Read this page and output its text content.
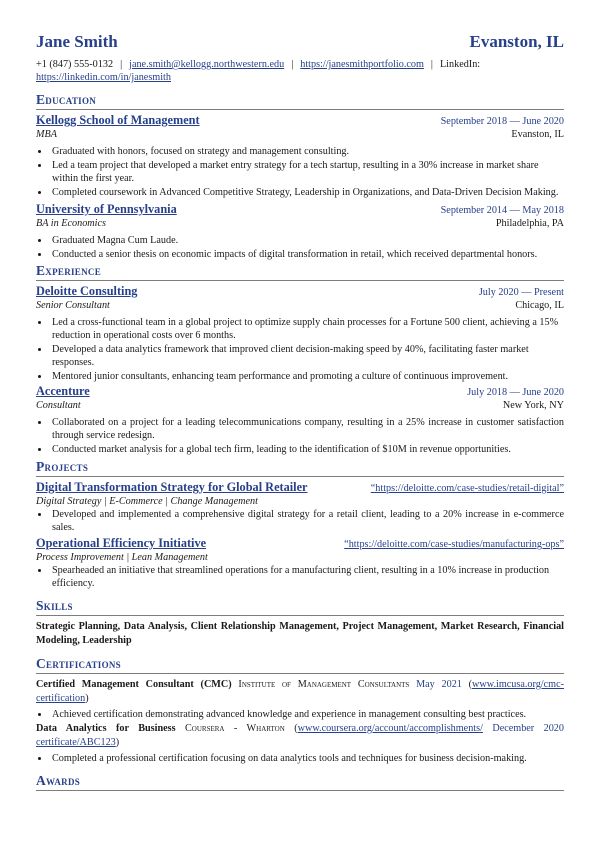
Jane Smith	Evanston, IL
+1 (847) 555-0132 | jane.smith@kellogg.northwestern.edu | https://janesmithportfolio.com | LinkedIn: https://linkedin.com/in/janesmith
Education
Kellogg School of Management	September 2018 — June 2020
MBA	Evanston, IL
• Graduated with honors, focused on strategy and management consulting.
• Led a team project that developed a market entry strategy for a tech startup, resulting in a 30% increase in market share within the first year.
• Completed coursework in Advanced Competitive Strategy, Leadership in Organizations, and Data-Driven Decision Making.
University of Pennsylvania	September 2014 — May 2018
BA in Economics	Philadelphia, PA
• Graduated Magna Cum Laude.
• Conducted a senior thesis on economic impacts of digital transformation in retail, which received departmental honors.
Experience
Deloitte Consulting	July 2020 — Present
Senior Consultant	Chicago, IL
• Led a cross-functional team in a global project to optimize supply chain processes for a Fortune 500 client, achieving a 15% reduction in operational costs over 6 months.
• Developed a data analytics framework that improved client decision-making speed by 40%, facilitating faster market responses.
• Mentored junior consultants, enhancing team performance and promoting a culture of continuous improvement.
Accenture	July 2018 — June 2020
Consultant	New York, NY
• Collaborated on a project for a leading telecommunications company, resulting in a 25% increase in customer satisfaction through service redesign.
• Conducted market analysis for a global tech firm, leading to the identification of $10M in revenue opportunities.
Projects
Digital Transformation Strategy for Global Retailer	“https://deloitte.com/case-studies/retail-digital”
Digital Strategy | E-Commerce | Change Management
• Developed and implemented a comprehensive digital strategy for a retail client, leading to a 20% increase in e-commerce sales.
Operational Efficiency Initiative	“https://deloitte.com/case-studies/manufacturing-ops”
Process Improvement | Lean Management
• Spearheaded an initiative that streamlined operations for a manufacturing client, resulting in a 10% increase in production efficiency.
Skills
Strategic Planning, Data Analysis, Client Relationship Management, Project Management, Market Research, Financial Modeling, Leadership
Certifications
Certified Management Consultant (CMC) Institute of Management Consultants May 2021 (www.imcusa.org/cmc-certification)
• Achieved certification demonstrating advanced knowledge and experience in management consulting best practices.
Data Analytics for Business Coursera - Wharton (www.coursera.org/account/accomplishments/ December 2020 certificate/ABC123)
• Completed a professional certification focusing on data analytics tools and techniques for business decision-making.
Awards
